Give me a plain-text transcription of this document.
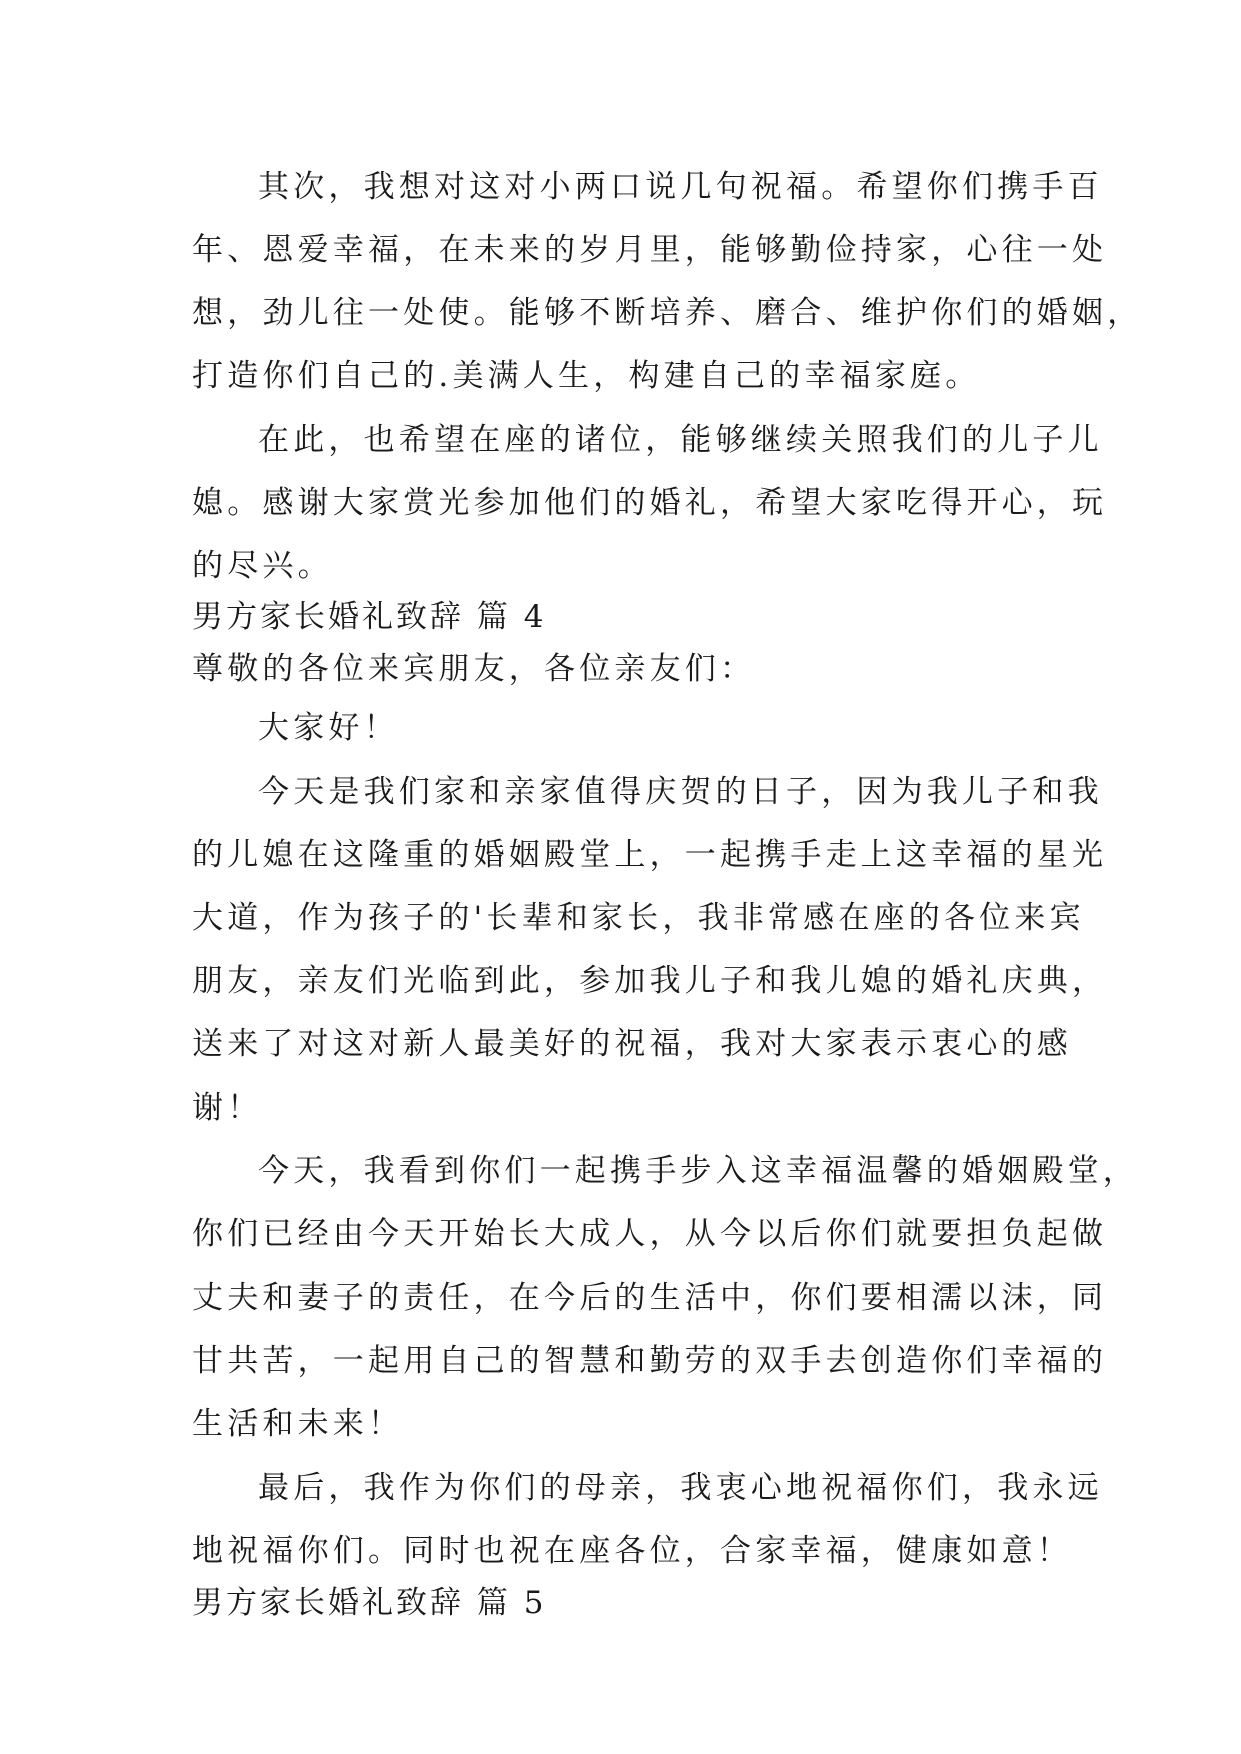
其次，我想对这对小两口说几句祝福。希望你们携手百
年、恩爱幸福，在未来的岁月里，能够勤俭持家，心往一处
想，劲儿往一处使。能够不断培养、磨合、维护你们的婚姻，
打造你们自己的.美满人生，构建自己的幸福家庭。
在此，也希望在座的诸位，能够继续关照我们的儿子儿
媳。感谢大家赏光参加他们的婚礼，希望大家吃得开心，玩
的尽兴。
男方家长婚礼致辞 篇 4
尊敬的各位来宾朋友，各位亲友们：
大家好！
今天是我们家和亲家值得庆贺的日子，因为我儿子和我
的儿媳在这隆重的婚姻殿堂上，一起携手走上这幸福的星光
大道，作为孩子的'长辈和家长，我非常感在座的各位来宾
朋友，亲友们光临到此，参加我儿子和我儿媳的婚礼庆典，
送来了对这对新人最美好的祝福，我对大家表示衷心的感
谢！
今天，我看到你们一起携手步入这幸福温馨的婚姻殿堂，
你们已经由今天开始长大成人，从今以后你们就要担负起做
丈夫和妻子的责任，在今后的生活中，你们要相濡以沫，同
甘共苦，一起用自己的智慧和勤劳的双手去创造你们幸福的
生活和未来！
最后，我作为你们的母亲，我衷心地祝福你们，我永远
地祝福你们。同时也祝在座各位，合家幸福，健康如意！
男方家长婚礼致辞 篇 5
